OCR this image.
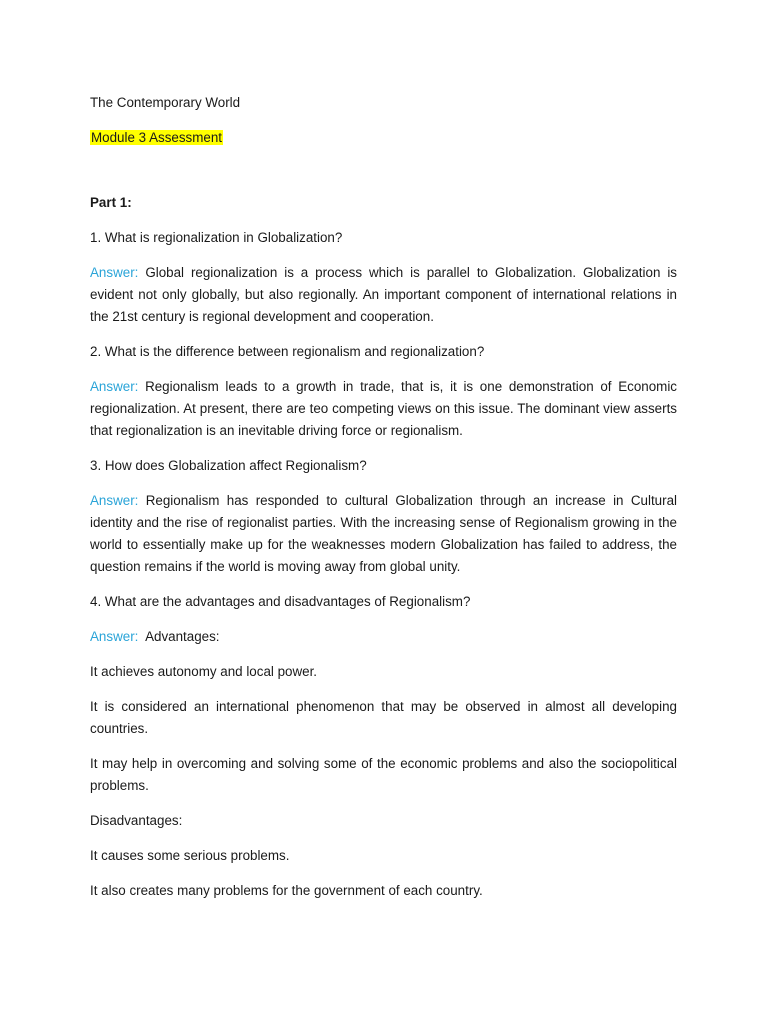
The Contemporary World

Module 3 Assessment

Part 1:

1. What is regionalization in Globalization?

Answer: Global regionalization is a process which is parallel to Globalization. Globalization is evident not only globally, but also regionally. An important component of international relations in the 21st century is regional development and cooperation.

2. What is the difference between regionalism and regionalization?

Answer: Regionalism leads to a growth in trade, that is, it is one demonstration of Economic regionalization. At present, there are teo competing views on this issue. The dominant view asserts that regionalization is an inevitable driving force or regionalism.

3. How does Globalization affect Regionalism?

Answer: Regionalism has responded to cultural Globalization through an increase in Cultural identity and the rise of regionalist parties. With the increasing sense of Regionalism growing in the world to essentially make up for the weaknesses modern Globalization has failed to address, the question remains if the world is moving away from global unity.

4. What are the advantages and disadvantages of Regionalism?

Answer: Advantages:

It achieves autonomy and local power.

It is considered an international phenomenon that may be observed in almost all developing countries.

It may help in overcoming and solving some of the economic problems and also the sociopolitical problems.

Disadvantages:

It causes some serious problems.

It also creates many problems for the government of each country.
